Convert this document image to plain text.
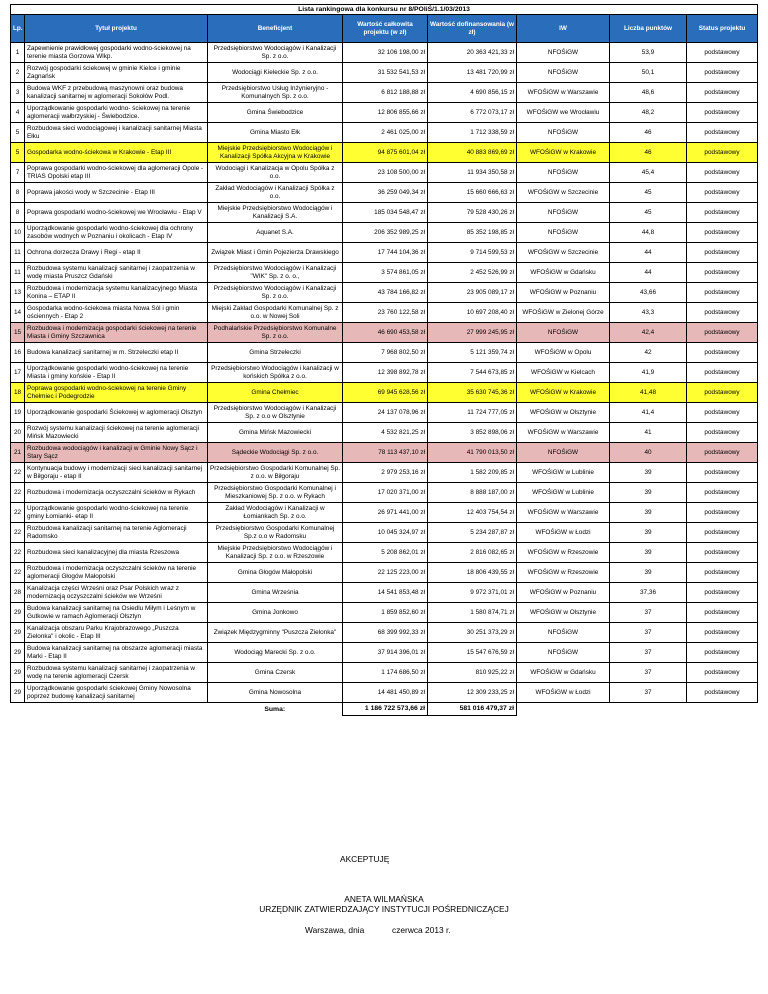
Lista rankingowa dla konkursu nr 8/POIiŚ/1.1/03/2013							
Lp.	Tytuł projektu	Beneficjent	Wartość całkowita projektu (w zł)	Wartość dofinansowania (w zł)	IW	Liczba punktów	Status projektu
1	Zapewnienie prawidłowej gospodarki wodno-ściekowej na terenie miasta Gorzowa Wlkp.	Przedsiębiorstwo Wodociągów i Kanalizacji Sp. z o.o.	32 106 198,00 zł	20 363 421,33 zł	NFOŚiGW	53,9	podstawowy
2	Rozwój gospodarki ściekowej w gminie Kielce i gminie Zagnańsk	Wodociągi Kieleckie Sp. z o.o.	31 532 541,53 zł	13 481 720,99 zł	NFOŚiGW	50,1	podstawowy
3	Budowa WKF z przebudową maszynowni oraz budowa kanalizacji sanitarnej w aglomeracji Sokołów Podl.	Przedsiębiorstwo Usług Inżynieryjno - Komunalnych Sp. z o.o.	6 812 188,88 zł	4 690 856,15 zł	WFOŚiGW w Warszawie	48,6	podstawowy
4	Uporządkowanie gospodarki wodno- ściekowej na terenie aglomeracji wałbrzyskiej - Świebodzice.	Gmina Świebodzice	12 806 855,66 zł	6 772 073,17 zł	WFOŚiGW we Wrocławiu	48,2	podstawowy
5	Rozbudowa sieci wodociągowej i kanalizacji sanitarnej Miasta Ełku	Gmina Miasto Ełk	2 461 025,00 zł	1 712 338,59 zł	NFOŚiGW	46	podstawowy
5	Gospodarka wodno-ściekowa w Krakowie - Etap III	Miejskie Przedsiębiorstwo Wodociągów i Kanalizacji Spółka Akcyjna w Krakowie	94 875 601,04 zł	40 883 869,69 zł	WFOŚiGW w Krakowie	46	podstawowy
7	Poprawa gospodarki wodno-ściekowej dla aglomeracji Opole - TRIAS Opolski etap III	Wodociągi i Kanalizacja w Opolu Spółka z o.o.	23 108 500,00 zł	11 934 350,58 zł	NFOŚiGW	45,4	podstawowy
8	Poprawa jakości wody w Szczecinie - Etap III	Zakład Wodociągów i Kanalizacji Spółka z o.o.	36 259 049,34 zł	15 660 666,63 zł	WFOŚiGW w Szczecinie	45	podstawowy
8	Poprawa gospodarki wodno-ściekowej we Wrocławiu - Etap V	Miejskie Przedsiębiorstwo Wodociągów i Kanalizacji S.A.	185 034 548,47 zł	79 528 430,26 zł	NFOŚiGW	45	podstawowy
10	Uporządkowanie gospodarki wodno-ściekowej dla ochrony zasobów wodnych w Poznaniu i okolicach - Etap IV	Aquanet S.A.	206 352 989,25 zł	85 352 198,85 zł	NFOŚiGW	44,8	podstawowy
11	Ochrona dorzecza Drawy i Regi - etap II	Związek Miast i Gmin Pojezierza Drawskiego	17 744 104,36 zł	9 714 599,53 zł	WFOŚiGW w Szczecinie	44	podstawowy
11	Rozbudowa systemu kanalizacji sanitarnej i zaopatrzenia w wodę miasta Pruszcz Gdański	Przedsiębiorstwo Wodociągów i Kanalizacji "WIK" Sp. z o. o.,	3 574 861,05 zł	2 452 526,99 zł	WFOŚiGW w Gdańsku	44	podstawowy
13	Rozbudowa i modernizacja systemu kanalizacyjnego Miasta Konina – ETAP II	Przedsiębiorstwo Wodociągów i Kanalizacji Sp. z o.o.	43 784 166,82 zł	23 905 089,17 zł	WFOŚiGW w Poznaniu	43,66	podstawowy
14	Gospodarka wodno-ściekowa miasta Nowa Sól i gmin ościennych - Etap 2	Miejski Zakład Gospodarki Komunalnej Sp. z o.o. w Nowej Soli	23 760 122,58 zł	10 697 208,40 zł	WFOŚiGW w Zielonej Górze	43,3	podstawowy
15	Rozbudowa i modernizacja gospodarki ściekowej na terenie Miasta i Gminy Szczawnica	Podhalańskie Przedsiębiorstwo Komunalne Sp. z o.o.	46 690 453,58 zł	27 999 245,95 zł	NFOŚiGW	42,4	podstawowy
16	Budowa kanalizacji sanitarnej w m. Strzeleczki etap II	Gmina Strzeleczki	7 968 802,50 zł	5 121 359,74 zł	WFOŚiGW w Opolu	42	podstawowy
17	Uporządkowanie gospodarki wodno-ściekowej na terenie Miasta i gminy końskie - Etap II	Przedsiębiorstwo Wodociągów i kanalizacji w końskich Spółka z o.o.	12 398 892,78 zł	7 544 673,85 zł	WFOŚiGW w Kielcach	41,9	podstawowy
18	Poprawa gospodarki wodno-ściekowej na terenie Gminy Chełmiec i Podegrodzie	Gmina Chełmiec	69 945 628,56 zł	35 630 745,36 zł	WFOŚiGW w Krakowie	41,48	podstawowy
19	Uporządkowanie gospodarki Ściekowej w aglomeracji Olsztyn	Przedsiębiorstwo Wodociągów i Kanalizacji Sp. z o.o w Olsztynie	24 137 078,96 zł	11 724 777,05 zł	WFOŚiGW w Olsztynie	41,4	podstawowy
20	Rozwój systemu kanalizacji ściekowej na terenie aglomeracji Mińsk Mazowiecki	Gmina Mińsk Mazowiecki	4 532 821,25 zł	3 852 898,06 zł	WFOŚiGW w Warszawie	41	podstawowy
21	Rozbudowa wodociągów i kanalizacji w Gminie Nowy Sącz i Stary Sącz	Sądeckie Wodociągi Sp. z o.o.	78 113 437,10 zł	41 790 013,50 zł	NFOŚiGW	40	podstawowy
22	Kontynuacja budowy i modernizacji sieci kanalizacji sanitarnej w Biłgoraju - etap II	Przedsiębiorstwo Gospodarki Komunalnej Sp. z o.o. w Biłgoraju	2 979 253,16 zł	1 582 209,85 zł	WFOŚiGW w Lublinie	39	podstawowy
22	Rozbudowa i modernizacja oczyszczalni ścieków w Rykach	Przedsiębiorstwo Gospodarki Komunalnej i Mieszkaniowej Sp. z o.o. w Rykach	17 020 371,00 zł	8 888 187,00 zł	WFOŚiGW w Lublinie	39	podstawowy
22	Uporządkowanie gospodarki wodno-ściekowej na terenie gminy Łomianki- etap II	Zakład Wodociągów i Kanalizacji w Łomiankach Sp. z o.o.	26 971 441,00 zł	12 403 754,54 zł	WFOŚiGW w Warszawie	39	podstawowy
22	Rozbudowa kanalizacji sanitarnej na terenie Aglomeracji Radomsko	Przedsiębiorstwo Gospodarki Komunalnej Sp.z o.o w Radomsku	10 045 324,97 zł	5 234 287,87 zł	WFOŚiGW w Łodzi	39	podstawowy
22	Rozbudowa sieci kanalizacyjnej dla miasta Rzeszowa	Miejskie Przedsiębiorstwo Wodociągów i Kanalizacji Sp. z o.o. w Rzeszowie	5 208 862,01 zł	2 816 082,65 zł	WFOŚiGW w Rzeszowie	39	podstawowy
22	Rozbudowa i modernizacja oczyszczalni ścieków na terenie aglomeracji Głogów Małopolski	Gmina Głogów Małopolski	22 125 223,00 zł	18 806 439,55 zł	WFOŚiGW w Rzeszowie	39	podstawowy
28	Kanalizacja części Wrześni oraz Psar Polskich wraz z modernizacją oczyszczalni ścieków we Wrześni	Gmina Września	14 541 853,48 zł	9 972 371,01 zł	WFOŚiGW w Poznaniu	37,36	podstawowy
29	Budowa kanalizacji sanitarnej na Osiedlu Miłym i Leśnym w Gutkowie w ramach Aglomeracji Olsztyn	Gmina Jonkowo	1 859 852,60 zł	1 580 874,71 zł	WFOŚiGW w Olsztynie	37	podstawowy
29	Kanalizacja obszaru Parku Krajobrazowego „Puszcza Zielonka" i okolic - Etap III	Związek Międzygminny "Puszcza Zielonka"	68 399 992,33 zł	30 251 373,29 zł	NFOŚiGW	37	podstawowy
29	Budowa kanalizacji sanitarnej na obszarze aglomeracji miasta Marki - Etap II	Wodociąg Marecki Sp. z o.o.	37 914 396,01 zł	15 547 676,59 zł	NFOŚiGW	37	podstawowy
29	Rozbudowa systemu kanalizacji sanitarnej i zaopatrzenia w wodę na terenie aglomeracji Czersk	Gmina Czersk	1 174 686,50 zł	810 925,22 zł	WFOŚiGW w Gdańsku	37	podstawowy
29	Uporządkowanie gospodarki ściekowej Gminy Nowosolna poprzez budowę kanalizacji sanitarnej	Gmina Nowosolna	14 481 450,89 zł	12 309 233,25 zł	WFOŚiGW w Łodzi	37	podstawowy
		Suma:	1 186 722 573,66 zł	581 016 479,37 zł			
AKCEPTUJĘ
ANETA WILMAŃSKA
URZĘDNIK ZATWIERDZAJĄCY INSTYTUCJI POŚREDNICZĄCEJ
Warszawa, dnia	czerwca 2013 r.
